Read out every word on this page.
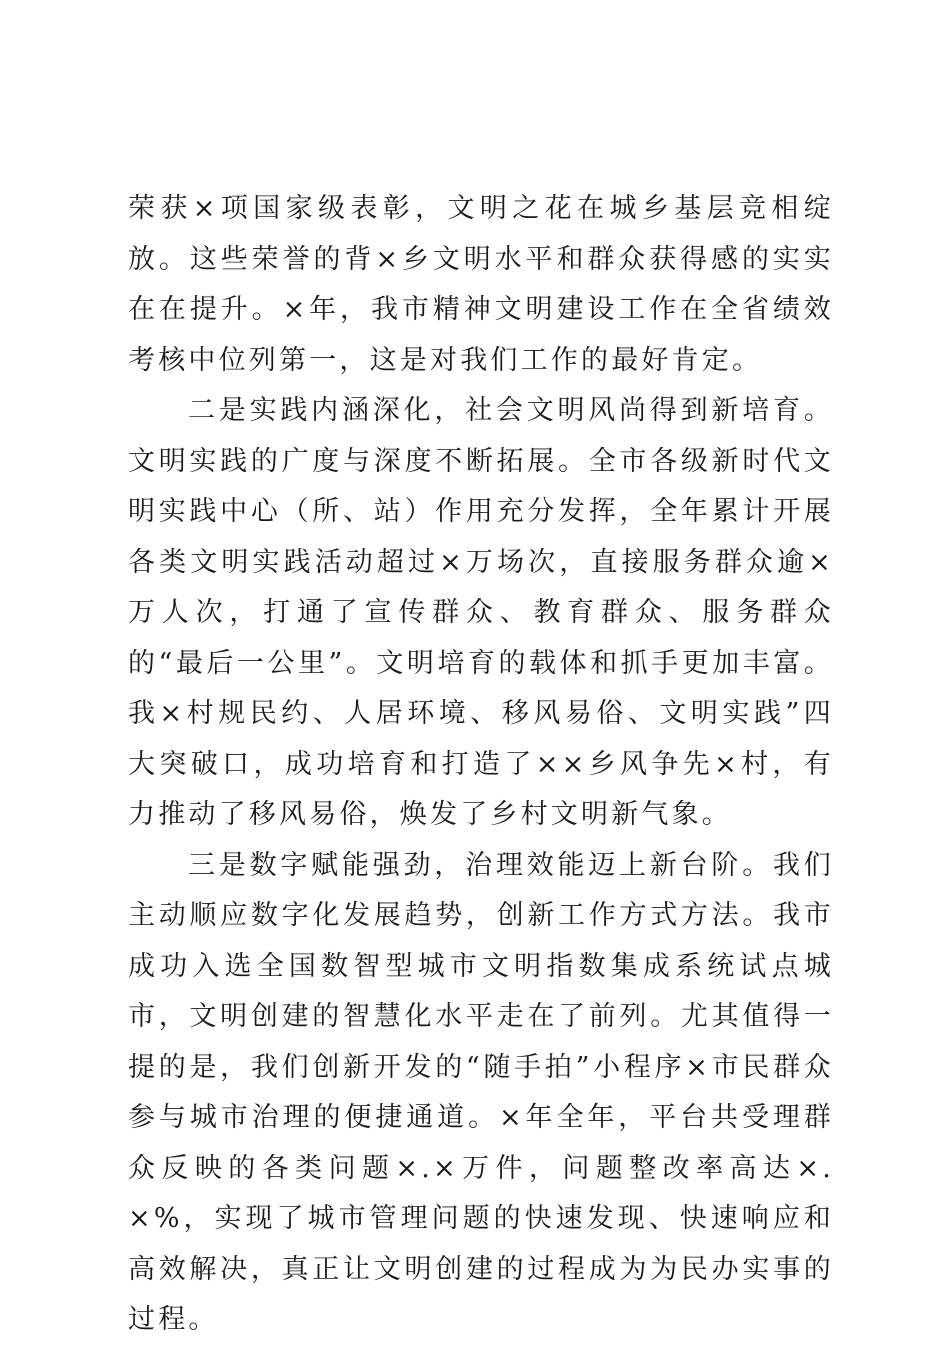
荣获×项国家级表彰，文明之花在城乡基层竞相绽放。这些荣誉的背×乡文明水平和群众获得感的实实在在提升。×年，我市精神文明建设工作在全省绩效考核中位列第一，这是对我们工作的最好肯定。

二是实践内涵深化，社会文明风尚得到新培育。文明实践的广度与深度不断拓展。全市各级新时代文明实践中心（所、站）作用充分发挥，全年累计开展各类文明实践活动超过×万场次，直接服务群众逾×万人次，打通了宣传群众、教育群众、服务群众的“最后一公里”。文明培育的载体和抓手更加丰富。我×村规民约、人居环境、移风易俗、文明实践”四大突破口，成功培育和打造了××乡风争先×村，有力推动了移风易俗，焕发了乡村文明新气象。

三是数字赋能强劲，治理效能迈上新台阶。我们主动顺应数字化发展趋势，创新工作方式方法。我市成功入选全国数智型城市文明指数集成系统试点城市，文明创建的智慧化水平走在了前列。尤其值得一提的是，我们创新开发的“随手拍”小程序×市民群众参与城市治理的便捷通道。×年全年，平台共受理群众反映的各类问题×.×万件，问题整改率高达×.×%，实现了城市管理问题的快速发现、快速响应和高效解决，真正让文明创建的过程成为为民办实事的过程。
